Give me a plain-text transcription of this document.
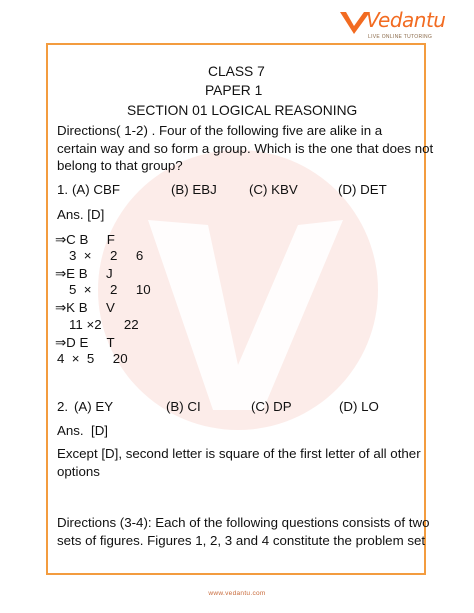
Vedantu
LIVE ONLINE TUTORING
CLASS 7
PAPER 1
SECTION 01 LOGICAL REASONING
Directions( 1-2) . Four of the following five are alike in a
certain way and so form a group. Which is the one that does not
belong to that group?
1. (A) CBF	(B) EBJ (C) KBV	(D) DET
Ans. [D]
⇒C B     F
3  ×     2     6
⇒E B     J
5  ×     2     10
⇒K B     V
11 ×2      22
⇒D E     T
4  ×  5     20
2. (A) EY	(B) CI	(C) DP	(D) LO
Ans.  [D]
Except [D], second letter is square of the first letter of all other
options
Directions (3-4): Each of the following questions consists of two
sets of figures. Figures 1, 2, 3 and 4 constitute the problem set
www.vedantu.com
